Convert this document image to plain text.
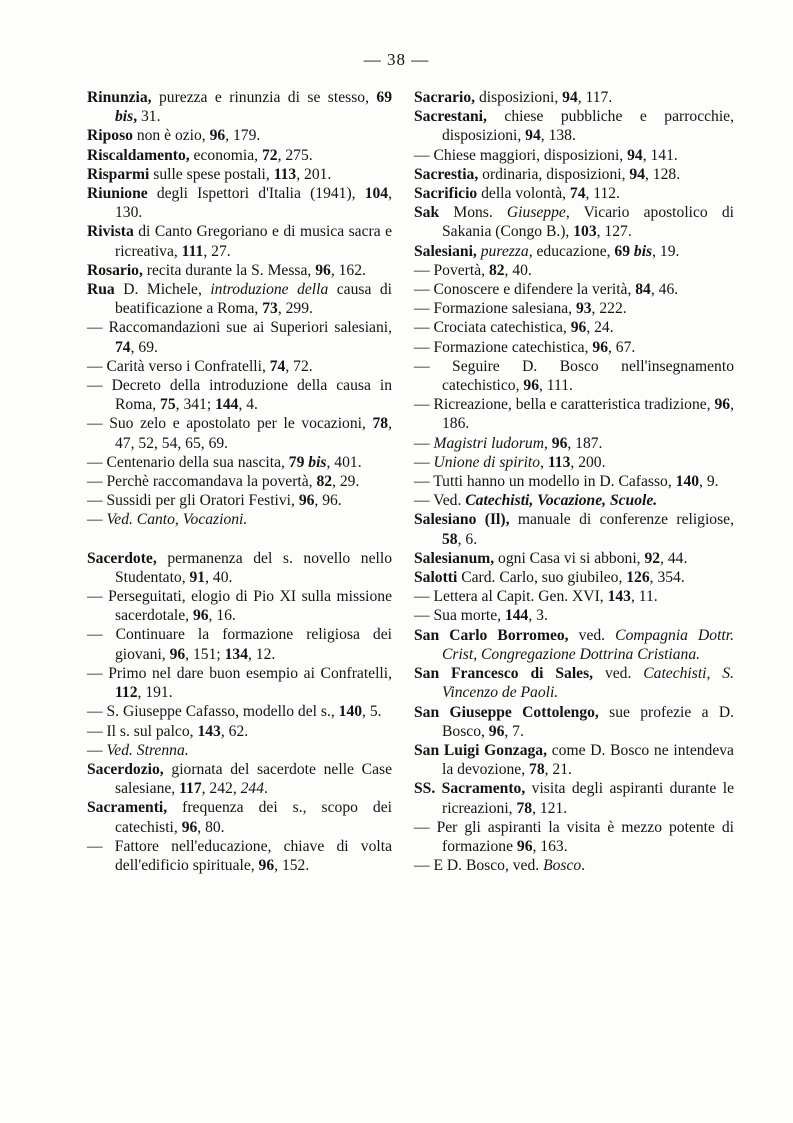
— 38 —

Rinunzia, purezza e rinunzia di se stesso, 69 bis, 31.

Riposo non è ozio, 96, 179.

Riscaldamento, economia, 72, 275.

Risparmi sulle spese postali, 113, 201.

Riunione degli Ispettori d'Italia (1941), 104, 130.

Rivista di Canto Gregoriano e di musica sacra e ricreativa, 111, 27.

Rosario, recita durante la S. Messa, 96, 162.

Rua D. Michele, introduzione della causa di beatificazione a Roma, 73, 299.

— Raccomandazioni sue ai Superiori salesiani, 74, 69.

— Carità verso i Confratelli, 74, 72.

— Decreto della introduzione della causa in Roma, 75, 341; 144, 4.

— Suo zelo e apostolato per le vocazioni, 78, 47, 52, 54, 65, 69.

— Centenario della sua nascita, 79 bis, 401.

— Perchè raccomandava la povertà, 82, 29.

— Sussidi per gli Oratori Festivi, 96, 96.

— Ved. Canto, Vocazioni.

Sacerdote, permanenza del s. novello nello Studentato, 91, 40.

— Perseguitati, elogio di Pio XI sulla missione sacerdotale, 96, 16.

— Continuare la formazione religiosa dei giovani, 96, 151; 134, 12.

— Primo nel dare buon esempio ai Confratelli, 112, 191.

— S. Giuseppe Cafasso, modello del s., 140, 5.

— Il s. sul palco, 143, 62.

— Ved. Strenna.

Sacerdozio, giornata del sacerdote nelle Case salesiane, 117, 242, 244.

Sacramenti, frequenza dei s., scopo dei catechisti, 96, 80.

— Fattore nell'educazione, chiave di volta dell'edificio spirituale, 96, 152.

Sacrario, disposizioni, 94, 117.

Sacrestani, chiese pubbliche e parrocchie, disposizioni, 94, 138.

— Chiese maggiori, disposizioni, 94, 141.

Sacrestia, ordinaria, disposizioni, 94, 128.

Sacrificio della volontà, 74, 112.

Sak Mons. Giuseppe, Vicario apostolico di Sakania (Congo B.), 103, 127.

Salesiani, purezza, educazione, 69 bis, 19.

— Povertà, 82, 40.

— Conoscere e difendere la verità, 84, 46.

— Formazione salesiana, 93, 222.

— Crociata catechistica, 96, 24.

— Formazione catechistica, 96, 67.

— Seguire D. Bosco nell'insegnamento catechistico, 96, 111.

— Ricreazione, bella e caratteristica tradizione, 96, 186.

— Magistri ludorum, 96, 187.

— Unione di spirito, 113, 200.

— Tutti hanno un modello in D. Cafasso, 140, 9.

— Ved. Catechisti, Vocazione, Scuole.

Salesiano (Il), manuale di conferenze religiose, 58, 6.

Salesianum, ogni Casa vi si abboni, 92, 44.

Salotti Card. Carlo, suo giubileo, 126, 354.

— Lettera al Capit. Gen. XVI, 143, 11.

— Sua morte, 144, 3.

San Carlo Borromeo, ved. Compagnia Dottr. Crist, Congregazione Dottrina Cristiana.

San Francesco di Sales, ved. Catechisti, S. Vincenzo de Paoli.

San Giuseppe Cottolengo, sue profezie a D. Bosco, 96, 7.

San Luigi Gonzaga, come D. Bosco ne intendeva la devozione, 78, 21.

SS. Sacramento, visita degli aspiranti durante le ricreazioni, 78, 121.

— Per gli aspiranti la visita è mezzo potente di formazione 96, 163.

— E D. Bosco, ved. Bosco.
